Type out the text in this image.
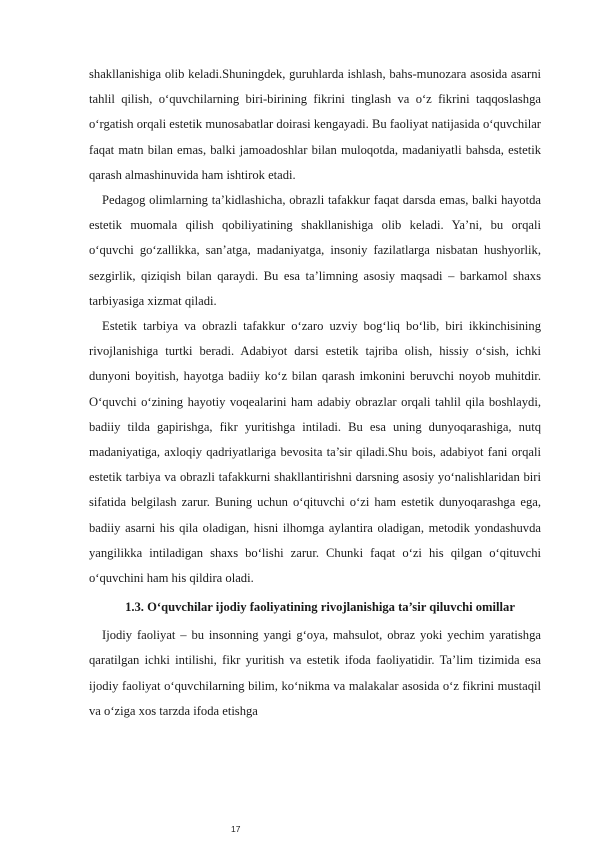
shakllanishiga olib keladi.Shuningdek, guruhlarda ishlash, bahs-munozara asosida asarni tahlil qilish, o‘quvchilarning biri-birining fikrini tinglash va o‘z fikrini taqqoslashga o‘rgatish orqali estetik munosabatlar doirasi kengayadi. Bu faoliyat natijasida o‘quvchilar faqat matn bilan emas, balki jamoadoshlar bilan muloqotda, madaniyatli bahsda, estetik qarash almashinuvida ham ishtirok etadi.

Pedagog olimlarning ta’kidlashicha, obrazli tafakkur faqat darsda emas, balki hayotda estetik muomala qilish qobiliyatining shakllanishiga olib keladi. Ya’ni, bu orqali o‘quvchi go‘zallikka, san’atga, madaniyatga, insoniy fazilatlarga nisbatan hushyorlik, sezgirlik, qiziqish bilan qaraydi. Bu esa ta’limning asosiy maqsadi – barkamol shaxs tarbiyasiga xizmat qiladi.

Estetik tarbiya va obrazli tafakkur o‘zaro uzviy bog‘liq bo‘lib, biri ikkinchisining rivojlanishiga turtki beradi. Adabiyot darsi estetik tajriba olish, hissiy o‘sish, ichki dunyoni boyitish, hayotga badiiy ko‘z bilan qarash imkonini beruvchi noyob muhitdir. O‘quvchi o‘zining hayotiy voqealarini ham adabiy obrazlar orqali tahlil qila boshlaydi, badiiy tilda gapirishga, fikr yuritishga intiladi. Bu esa uning dunyoqarashiga, nutq madaniyatiga, axloqiy qadriyatlariga bevosita ta’sir qiladi.Shu bois, adabiyot fani orqali estetik tarbiya va obrazli tafakkurni shakllantirishni darsning asosiy yo‘nalishlaridan biri sifatida belgilash zarur. Buning uchun o‘qituvchi o‘zi ham estetik dunyoqarashga ega, badiiy asarni his qila oladigan, hisni ilhomga aylantira oladigan, metodik yondashuvda yangilikka intiladigan shaxs bo‘lishi zarur. Chunki faqat o‘zi his qilgan o‘qituvchi o‘quvchini ham his qildira oladi.

1.3. O‘quvchilar ijodiy faoliyatining rivojlanishiga ta’sir qiluvchi omillar

Ijodiy faoliyat – bu insonning yangi g‘oya, mahsulot, obraz yoki yechim yaratishga qaratilgan ichki intilishi, fikr yuritish va estetik ifoda faoliyatidir. Ta’lim tizimida esa ijodiy faoliyat o‘quvchilarning bilim, ko‘nikma va malakalar asosida o‘z fikrini mustaqil va o‘ziga xos tarzda ifoda etishga

17
